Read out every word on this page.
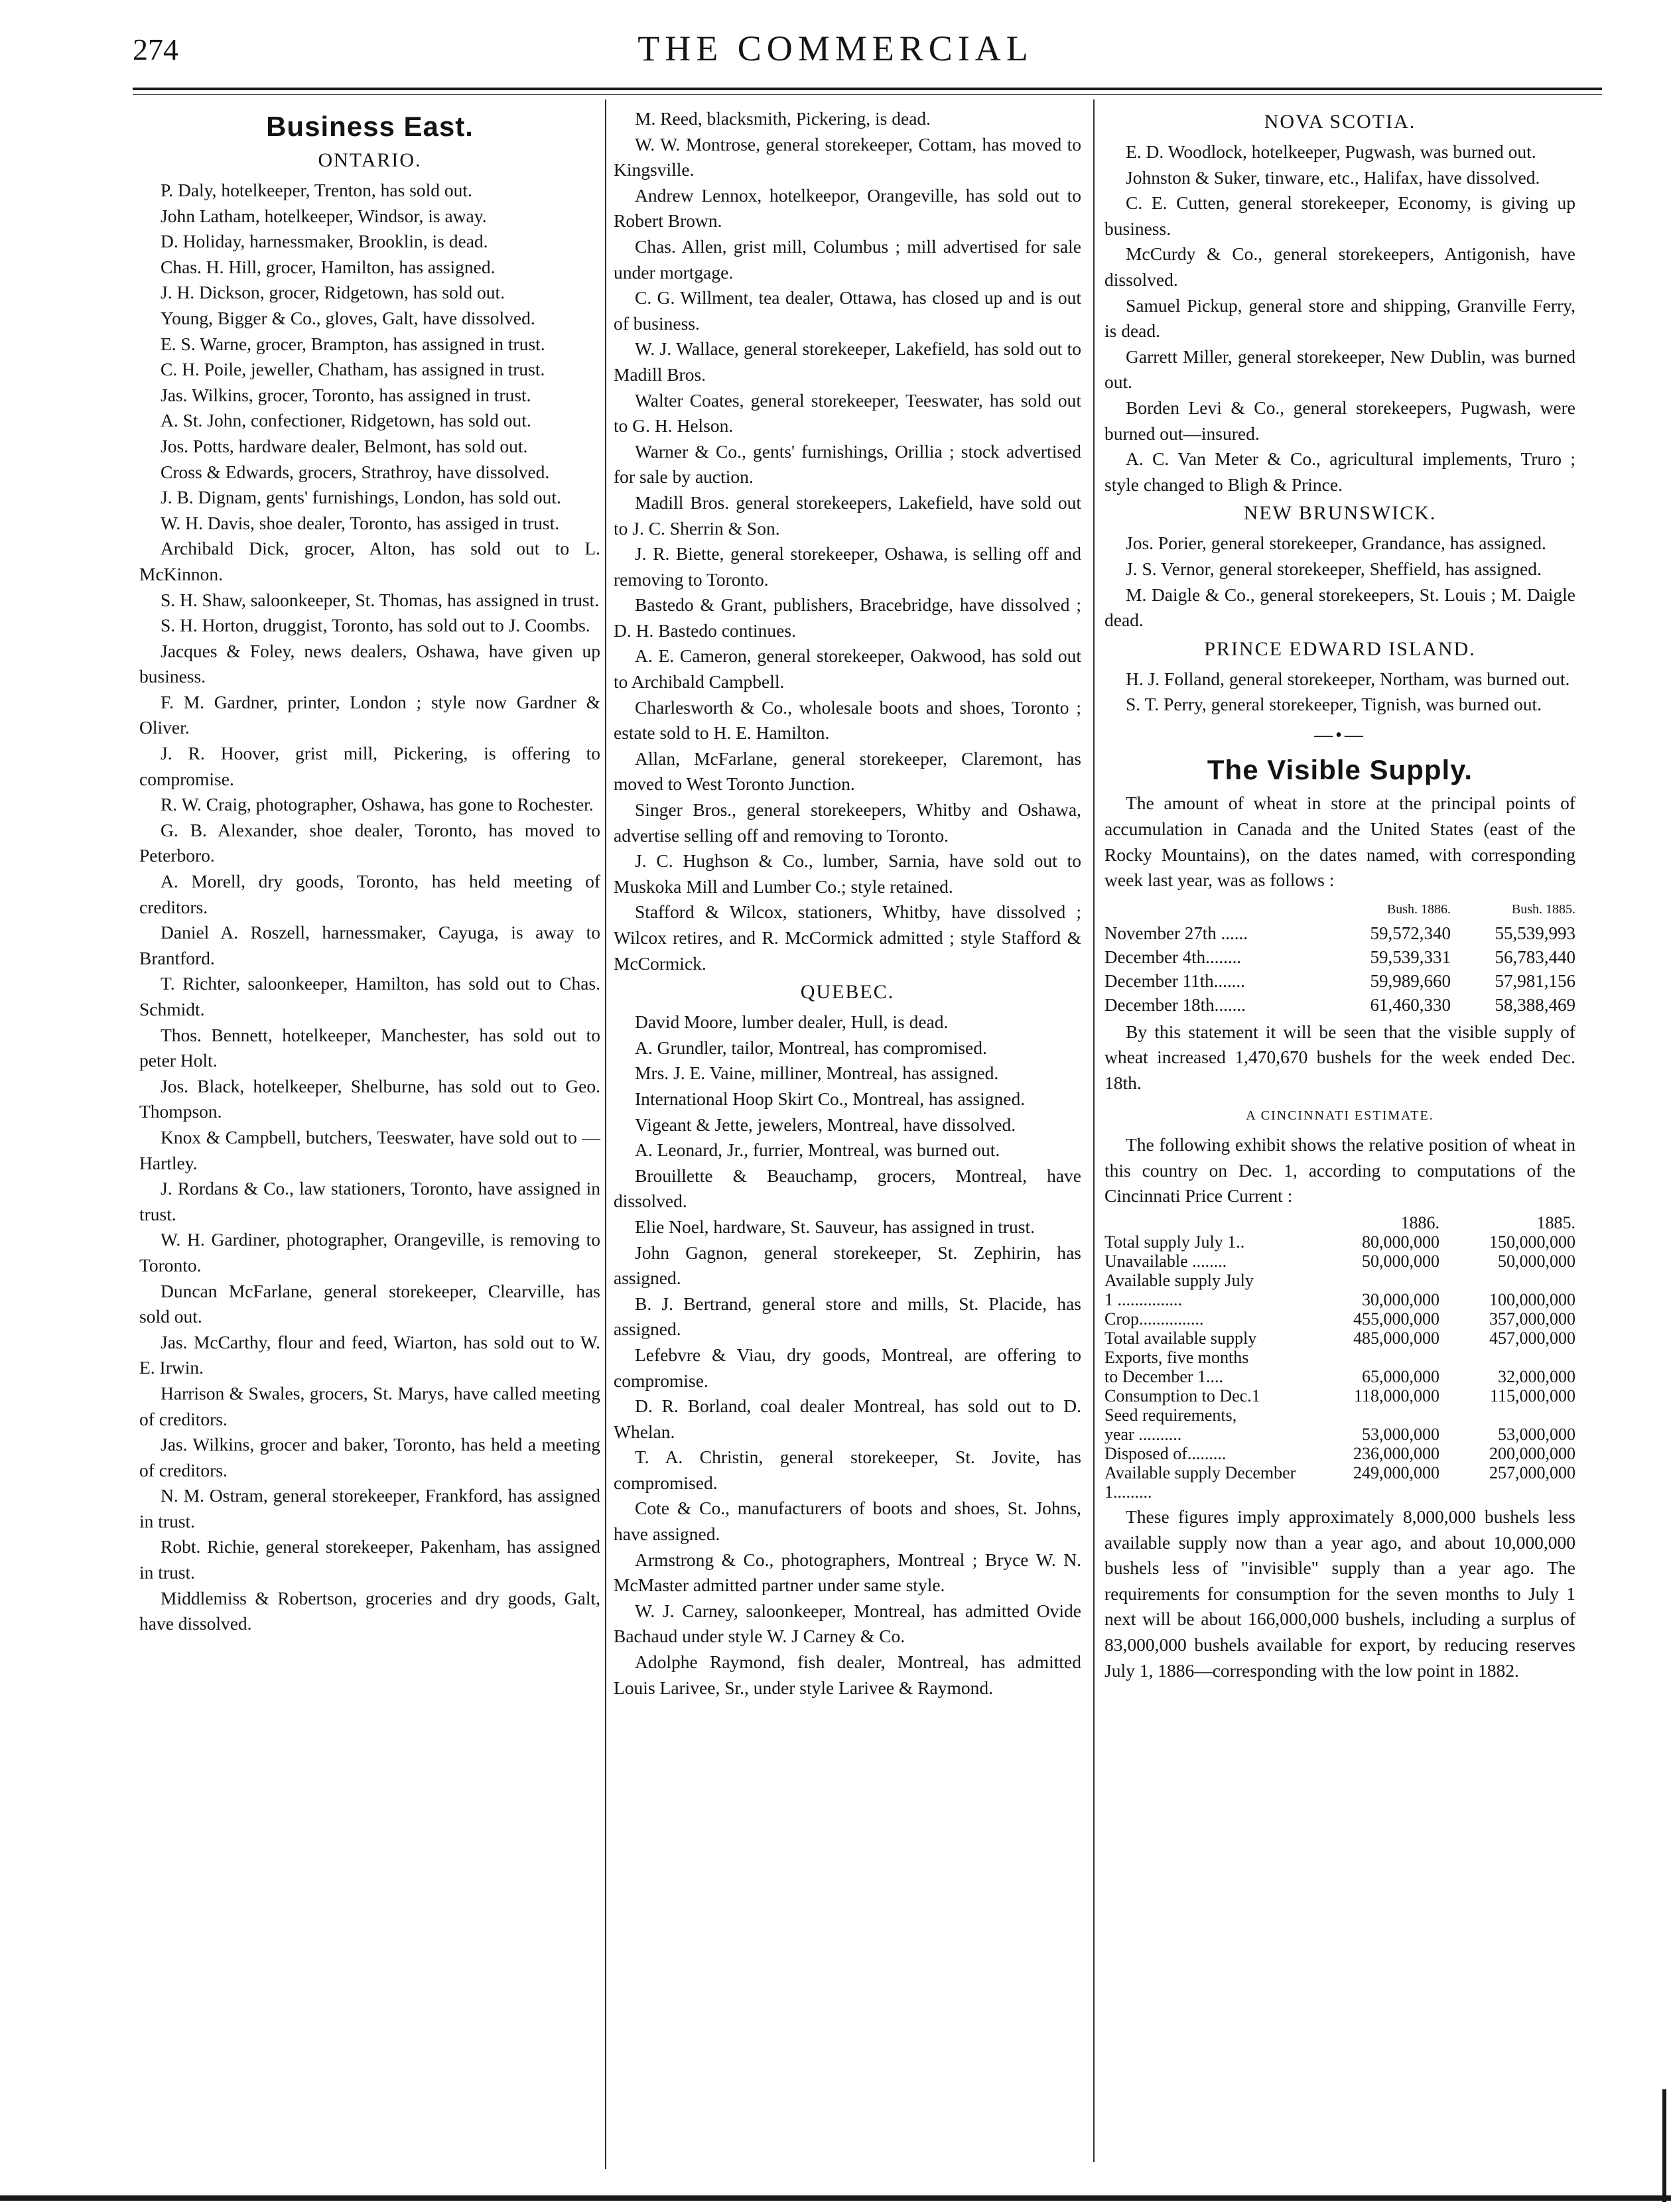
274	THE COMMERCIAL
Business East.
ONTARIO.

P. Daly, hotelkeeper, Trenton, has sold out.

John Latham, hotelkeeper, Windsor, is away.

D. Holiday, harnessmaker, Brooklin, is dead.

Chas. H. Hill, grocer, Hamilton, has assigned.

J. H. Dickson, grocer, Ridgetown, has sold out.

Young, Bigger & Co., gloves, Galt, have dissolved.

E. S. Warne, grocer, Brampton, has assigned in trust.

C. H. Poile, jeweller, Chatham, has assigned in trust.

Jas. Wilkins, grocer, Toronto, has assigned in trust.

A. St. John, confectioner, Ridgetown, has sold out.

Jos. Potts, hardware dealer, Belmont, has sold out.

Cross & Edwards, grocers, Strathroy, have dissolved.

J. B. Dignam, gents' furnishings, London, has sold out.

W. H. Davis, shoe dealer, Toronto, has assiged in trust.

Archibald Dick, grocer, Alton, has sold out to L. McKinnon.

S. H. Shaw, saloonkeeper, St. Thomas, has assigned in trust.

S. H. Horton, druggist, Toronto, has sold out to J. Coombs.

Jacques & Foley, news dealers, Oshawa, have given up business.

F. M. Gardner, printer, London ; style now Gardner & Oliver.

J. R. Hoover, grist mill, Pickering, is offering to compromise.

R. W. Craig, photographer, Oshawa, has gone to Rochester.

G. B. Alexander, shoe dealer, Toronto, has moved to Peterboro.

A. Morell, dry goods, Toronto, has held meeting of creditors.

Daniel A. Roszell, harnessmaker, Cayuga, is away to Brantford.

T. Richter, saloonkeeper, Hamilton, has sold out to Chas. Schmidt.

Thos. Bennett, hotelkeeper, Manchester, has sold out to peter Holt.

Jos. Black, hotelkeeper, Shelburne, has sold out to Geo. Thompson.

Knox & Campbell, butchers, Teeswater, have sold out to — Hartley.

J. Rordans & Co., law stationers, Toronto, have assigned in trust.

W. H. Gardiner, photographer, Orangeville, is removing to Toronto.

Duncan McFarlane, general storekeeper, Clearville, has sold out.

Jas. McCarthy, flour and feed, Wiarton, has sold out to W. E. Irwin.

Harrison & Swales, grocers, St. Marys, have called meeting of creditors.

Jas. Wilkins, grocer and baker, Toronto, has held a meeting of creditors.

N. M. Ostram, general storekeeper, Frankford, has assigned in trust.

Robt. Richie, general storekeeper, Pakenham, has assigned in trust.

Middlemiss & Robertson, groceries and dry goods, Galt, have dissolved.

M. Reed, blacksmith, Pickering, is dead.

W. W. Montrose, general storekeeper, Cottam, has moved to Kingsville.

Andrew Lennox, hotelkeepor, Orangeville, has sold out to Robert Brown.

Chas. Allen, grist mill, Columbus ; mill advertised for sale under mortgage.

C. G. Willment, tea dealer, Ottawa, has closed up and is out of business.

W. J. Wallace, general storekeeper, Lakefield, has sold out to Madill Bros.

Walter Coates, general storekeeper, Teeswater, has sold out to G. H. Helson.

Warner & Co., gents' furnishings, Orillia ; stock advertised for sale by auction.

Madill Bros. general storekeepers, Lakefield, have sold out to J. C. Sherrin & Son.

J. R. Biette, general storekeeper, Oshawa, is selling off and removing to Toronto.

Bastedo & Grant, publishers, Bracebridge, have dissolved ; D. H. Bastedo continues.

A. E. Cameron, general storekeeper, Oakwood, has sold out to Archibald Campbell.

Charlesworth & Co., wholesale boots and shoes, Toronto ; estate sold to H. E. Hamilton.

Allan, McFarlane, general storekeeper, Claremont, has moved to West Toronto Junction.

Singer Bros., general storekeepers, Whitby and Oshawa, advertise selling off and removing to Toronto.

J. C. Hughson & Co., lumber, Sarnia, have sold out to Muskoka Mill and Lumber Co.; style retained.

Stafford & Wilcox, stationers, Whitby, have dissolved ; Wilcox retires, and R. McCormick admitted ; style Stafford & McCormick.

QUEBEC.

David Moore, lumber dealer, Hull, is dead.

A. Grundler, tailor, Montreal, has compromised.

Mrs. J. E. Vaine, milliner, Montreal, has assigned.

International Hoop Skirt Co., Montreal, has assigned.

Vigeant & Jette, jewelers, Montreal, have dissolved.

A. Leonard, Jr., furrier, Montreal, was burned out.

Brouillette & Beauchamp, grocers, Montreal, have dissolved.

Elie Noel, hardware, St. Sauveur, has assigned in trust.

John Gagnon, general storekeeper, St. Zephirin, has assigned.

B. J. Bertrand, general store and mills, St. Placide, has assigned.

Lefebvre & Viau, dry goods, Montreal, are offering to compromise.

D. R. Borland, coal dealer Montreal, has sold out to D. Whelan.

T. A. Christin, general storekeeper, St. Jovite, has compromised.

Cote & Co., manufacturers of boots and shoes, St. Johns, have assigned.

Armstrong & Co., photographers, Montreal ; Bryce W. N. McMaster admitted partner under same style.

W. J. Carney, saloonkeeper, Montreal, has admitted Ovide Bachaud under style W. J Carney & Co.

Adolphe Raymond, fish dealer, Montreal, has admitted Louis Larivee, Sr., under style Larivee & Raymond.

NOVA SCOTIA.

E. D. Woodlock, hotelkeeper, Pugwash, was burned out.

Johnston & Suker, tinware, etc., Halifax, have dissolved.

C. E. Cutten, general storekeeper, Economy, is giving up business.

McCurdy & Co., general storekeepers, Antigonish, have dissolved.

Samuel Pickup, general store and shipping, Granville Ferry, is dead.

Garrett Miller, general storekeeper, New Dublin, was burned out.

Borden Levi & Co., general storekeepers, Pugwash, were burned out—insured.

A. C. Van Meter & Co., agricultural implements, Truro ; style changed to Bligh & Prince.

NEW BRUNSWICK.

Jos. Porier, general storekeeper, Grandance, has assigned.

J. S. Vernor, general storekeeper, Sheffield, has assigned.

M. Daigle & Co., general storekeepers, St. Louis ; M. Daigle dead.

PRINCE EDWARD ISLAND.

H. J. Folland, general storekeeper, Northam, was burned out.

S. T. Perry, general storekeeper, Tignish, was burned out.

—•—
The Visible Supply.

The amount of wheat in store at the principal points of accumulation in Canada and the United States (east of the Rocky Mountains), on the dates named, with corresponding week last year, was as follows :

	Bush. 1886.	Bush. 1885.
November 27th ......	59,572,340	55,539,993
December 4th........	59,539,331	56,783,440
December 11th.......	59,989,660	57,981,156
December 18th.......	61,460,330	58,388,469

By this statement it will be seen that the visible supply of wheat increased 1,470,670 bushels for the week ended Dec. 18th.

A CINCINNATI ESTIMATE.

The following exhibit shows the relative position of wheat in this country on Dec. 1, according to computations of the Cincinnati Price Current :

	1886.	1885.
Total supply July 1..	80,000,000	150,000,000
Unavailable ........	50,000,000	50,000,000
Available supply July		
1 ...............	30,000,000	100,000,000
Crop...............	455,000,000	357,000,000
Total available supply	485,000,000	457,000,000
Exports, five months		
to December 1....	65,000,000	32,000,000
Consumption to Dec.1	118,000,000	115,000,000
Seed requirements,		
year ..........	53,000,000	53,000,000
Disposed of.........	236,000,000	200,000,000
Available supply December 1.........	249,000,000	257,000,000

These figures imply approximately 8,000,000 bushels less available supply now than a year ago, and about 10,000,000 bushels less of "invisible" supply than a year ago. The requirements for consumption for the seven months to July 1 next will be about 166,000,000 bushels, including a surplus of 83,000,000 bushels available for export, by reducing reserves July 1, 1886—corresponding with the low point in 1882.
